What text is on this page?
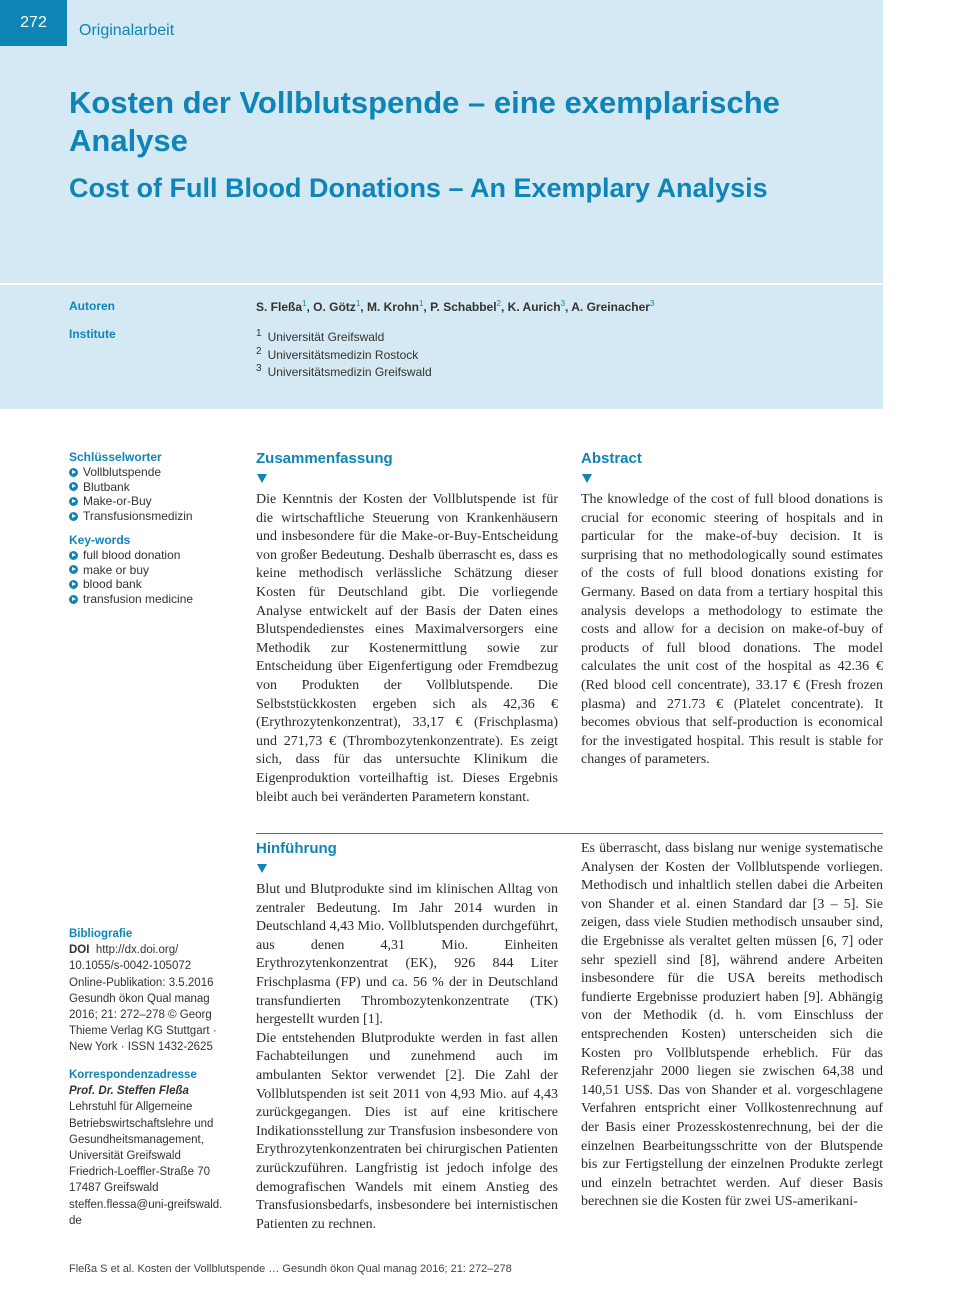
272	Originalarbeit
Kosten der Vollblutspende – eine exemplarische Analyse
Cost of Full Blood Donations – An Exemplary Analysis
Autoren
Institute
S. Fleßa$^1$, O. Götz$^1$, M. Krohn$^1$, P. Schabbel$^2$, K. Aurich$^3$, A. Greinacher$^3$
$^1$ Universität Greifswald
$^2$ Universitätsmedizin Rostock
$^3$ Universitätsmedizin Greifswald
Schlüsselworter
Vollblutspende
Blutbank
Make-or-Buy
Transfusionsmedizin
Key-words
full blood donation
make or buy
blood bank
transfusion medicine
Zusammenfassung

Die Kenntnis der Kosten der Vollblutspende ist für die wirtschaftliche Steuerung von Krankenhäusern und insbesondere für die Make-or-Buy-Entscheidung von großer Bedeutung. Deshalb überrascht es, dass es keine methodisch verlässliche Schätzung dieser Kosten für Deutschland gibt. Die vorliegende Analyse entwickelt auf der Basis der Daten eines Blutspendedienstes eines Maximalversorgers eine Methodik zur Kostenermittlung sowie zur Entscheidung über Eigenfertigung oder Fremdbezug von Produkten der Vollblutspende. Die Selbststückkosten ergeben sich als 42,36 € (Erythrozytenkonzentrat), 33,17 € (Frischplasma) und 271,73 € (Thrombozytenkonzentrate). Es zeigt sich, dass für das untersuchte Klinikum die Eigenproduktion vorteilhaftig ist. Dieses Ergebnis bleibt auch bei veränderten Parametern konstant.

Abstract

The knowledge of the cost of full blood donations is crucial for economic steering of hospitals and in particular for the make-of-buy decision. It is surprising that no methodologically sound estimates of the costs of full blood donations existing for Germany. Based on data from a tertiary hospital this analysis develops a methodology to estimate the costs and allow for a decision on make-of-buy of products of full blood donations. The model calculates the unit cost of the hospital as 42.36 € (Red blood cell concentrate), 33.17 € (Fresh frozen plasma) and 271.73 € (Platelet concentrate). It becomes obvious that self-production is economical for the investigated hospital. This result is stable for changes of parameters.

Hinführung

Blut und Blutprodukte sind im klinischen Alltag von zentraler Bedeutung. Im Jahr 2014 wurden in Deutschland 4,43 Mio. Vollblutspenden durchgeführt, aus denen 4,31 Mio. Einheiten Erythrozytenkonzentrat (EK), 926 844 Liter Frischplasma (FP) und ca. 56 % der in Deutschland transfundierten Thrombozytenkonzentrate (TK) hergestellt wurden [1].

Die entstehenden Blutprodukte werden in fast allen Fachabteilungen und zunehmend auch im ambulanten Sektor verwendet [2]. Die Zahl der Vollblutspenden ist seit 2011 von 4,93 Mio. auf 4,43 zurückgegangen. Dies ist auf eine kritischere Indikationsstellung zur Transfusion insbesondere von Erythrozytenkonzentraten bei chirurgischen Patienten zurückzuführen. Langfristig ist jedoch infolge des demografischen Wandels mit einem Anstieg des Transfusionsbedarfs, insbesondere bei internistischen Patienten zu rechnen.

Es überrascht, dass bislang nur wenige systematische Analysen der Kosten der Vollblutspende vorliegen. Methodisch und inhaltlich stellen dabei die Arbeiten von Shander et al. einen Standard dar [3 – 5]. Sie zeigen, dass viele Studien methodisch unsauber sind, die Ergebnisse als veraltet gelten müssen [6, 7] oder sehr speziell sind [8], während andere Arbeiten insbesondere für die USA bereits methodisch fundierte Ergebnisse produziert haben [9]. Abhängig von der Methodik (d. h. vom Einschluss der entsprechenden Kosten) unterscheiden sich die Kosten pro Vollblutspende erheblich. Für das Referenzjahr 2000 liegen sie zwischen 64,38 und 140,51 US$. Das von Shander et al. vorgeschlagene Verfahren entspricht einer Vollkostenrechnung auf der Basis einer Prozesskostenrechnung, bei der die einzelnen Bearbeitungsschritte von der Blutspende bis zur Fertigstellung der einzelnen Produkte zerlegt und einzeln betrachtet werden. Auf dieser Basis berechnen sie die Kosten für zwei US-amerikani-

Bibliografie
DOI http://dx.doi.org/
10.1055/s-0042-105072
Online-Publikation: 3.5.2016
Gesundh ökon Qual manag
2016; 21: 272–278 © Georg
Thieme Verlag KG Stuttgart ·
New York · ISSN 1432-2625
Korrespondenzadresse
Prof. Dr. Steffen Fleßa
Lehrstuhl für Allgemeine
Betriebswirtschaftslehre und
Gesundheitsmanagement,
Universität Greifswald
Friedrich-Loeffler-Straße 70
17487 Greifswald
steffen.flessa@uni-greifswald.
de
Fleßa S et al. Kosten der Vollblutspende … Gesundh ökon Qual manag 2016; 21: 272–278
